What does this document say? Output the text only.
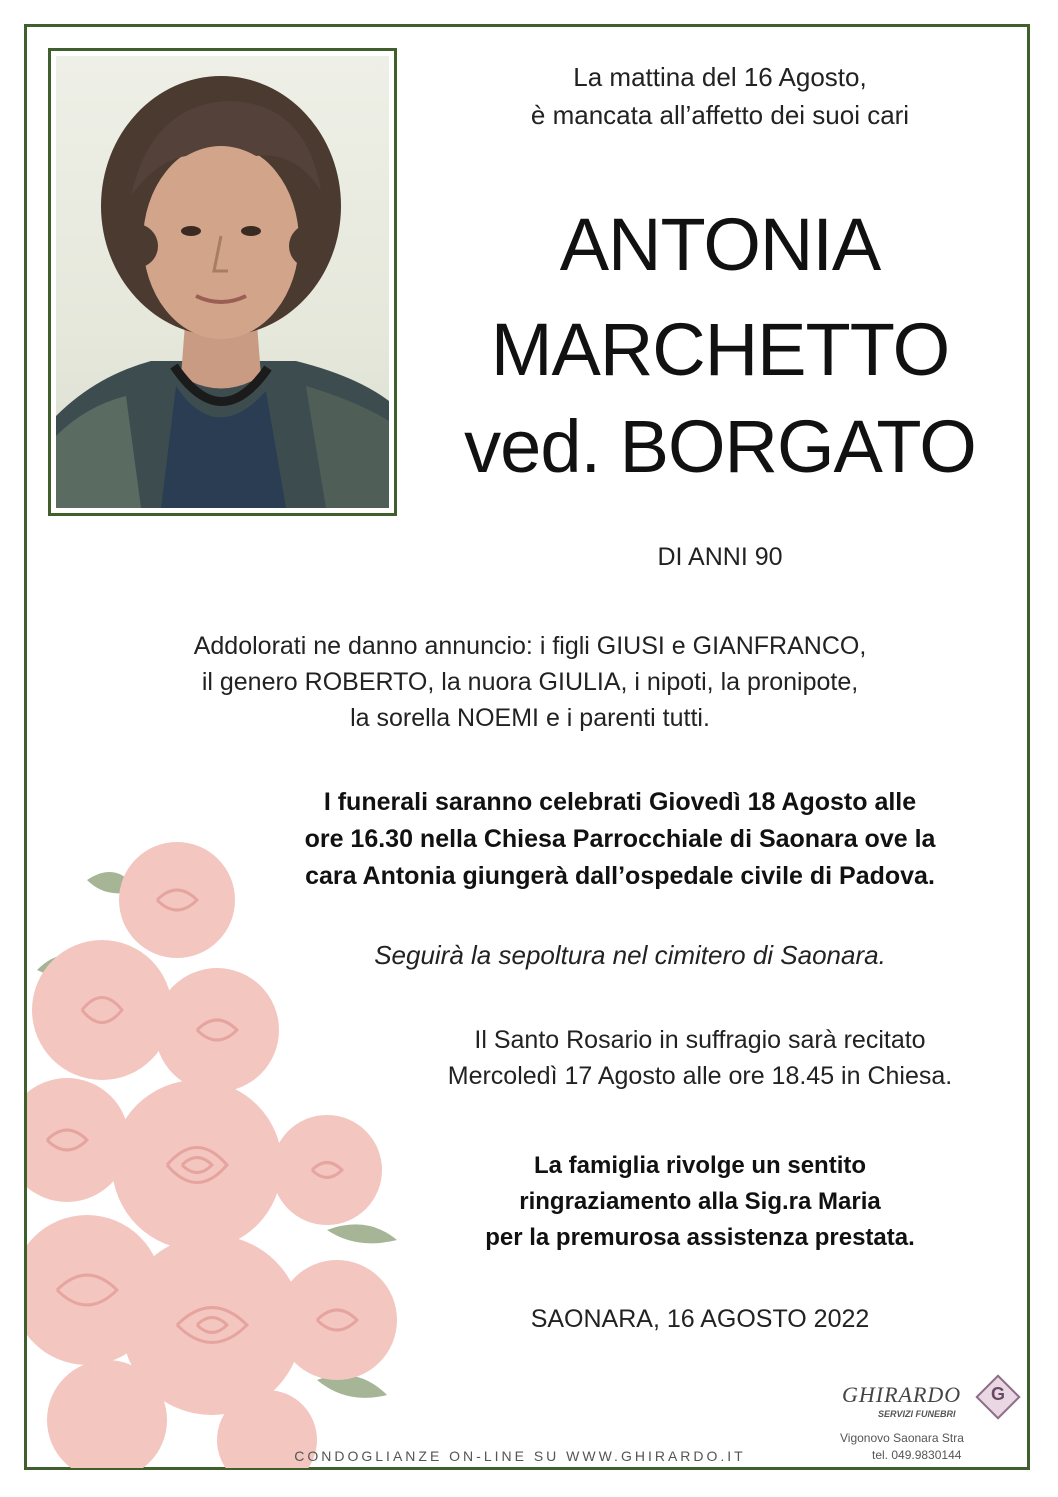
La mattina del 16 Agosto,
è mancata all’affetto dei suoi cari
ANTONIA
MARCHETTO
ved. BORGATO
DI ANNI 90
Addolorati ne danno annuncio: i figli GIUSI e GIANFRANCO,
il genero ROBERTO, la nuora GIULIA, i nipoti, la pronipote,
la sorella NOEMI e i parenti tutti.
I funerali saranno celebrati Giovedì 18 Agosto alle
ore 16.30 nella Chiesa Parrocchiale di Saonara ove la
cara Antonia giungerà dall’ospedale civile di Padova.
Seguirà la sepoltura nel cimitero di Saonara.
Il Santo Rosario in suffragio sarà recitato
Mercoledì 17 Agosto alle ore 18.45 in Chiesa.
La famiglia rivolge un sentito
ringraziamento alla Sig.ra Maria
per la premurosa assistenza prestata.
SAONARA, 16 AGOSTO 2022
GHIRARDO
SERVIZI FUNEBRI
G
Vigonovo Saonara Stra
tel. 049.9830144
CONDOGLIANZE ON-LINE SU WWW.GHIRARDO.IT
